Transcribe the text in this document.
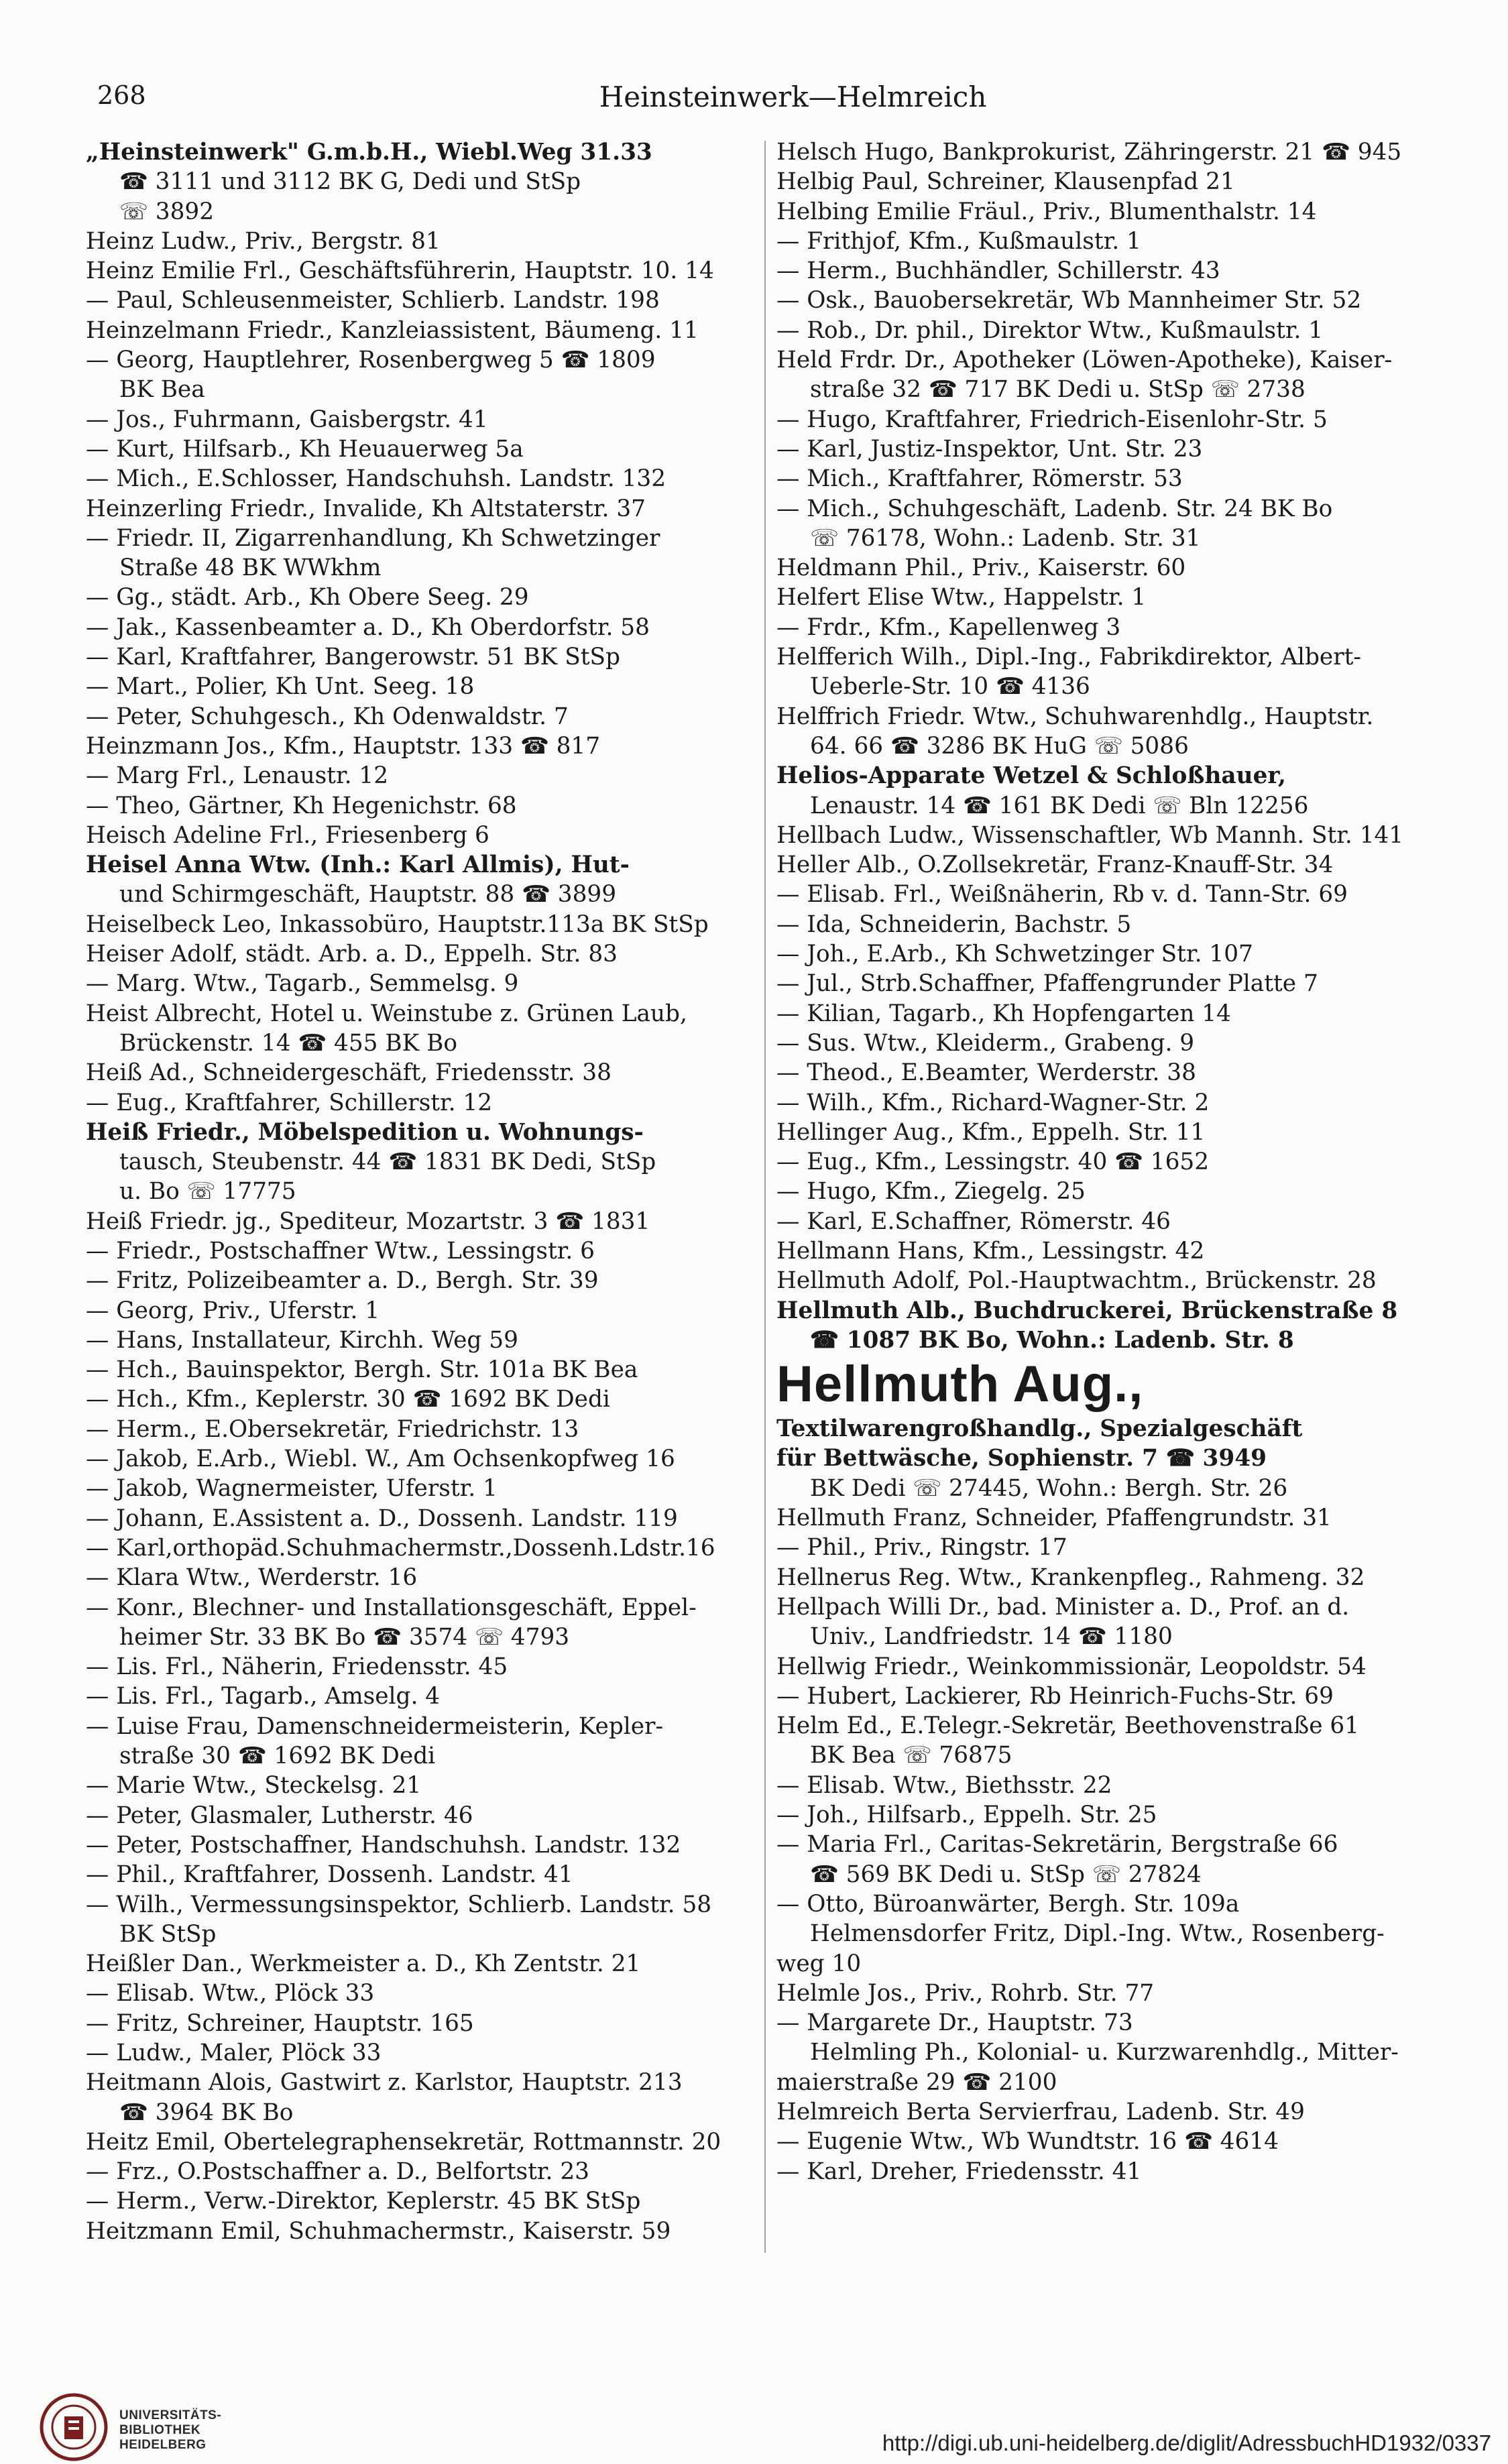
268	Heinsteinwerk—Helmreich
„Heinsteinwerk" G.m.b.H., Wiebl.Weg 31.33
☎ 3111 und 3112 BK G, Dedi und StSp
☏ 3892
Heinz Ludw., Priv., Bergstr. 81
Heinz Emilie Frl., Geschäftsführerin, Hauptstr. 10. 14
— Paul, Schleusenmeister, Schlierb. Landstr. 198
Heinzelmann Friedr., Kanzleiassistent, Bäumeng. 11
— Georg, Hauptlehrer, Rosenbergweg 5 ☎ 1809
BK Bea
— Jos., Fuhrmann, Gaisbergstr. 41
— Kurt, Hilfsarb., Kh Heuauerweg 5a
— Mich., E.Schlosser, Handschuhsh. Landstr. 132
Heinzerling Friedr., Invalide, Kh Altstaterstr. 37
— Friedr. II, Zigarrenhandlung, Kh Schwetzinger
Straße 48 BK WWkhm
— Gg., städt. Arb., Kh Obere Seeg. 29
— Jak., Kassenbeamter a. D., Kh Oberdorfstr. 58
— Karl, Kraftfahrer, Bangerowstr. 51 BK StSp
— Mart., Polier, Kh Unt. Seeg. 18
— Peter, Schuhgesch., Kh Odenwaldstr. 7
Heinzmann Jos., Kfm., Hauptstr. 133 ☎ 817
— Marg Frl., Lenaustr. 12
— Theo, Gärtner, Kh Hegenichstr. 68
Heisch Adeline Frl., Friesenberg 6
Heisel Anna Wtw. (Inh.: Karl Allmis), Hut-
und Schirmgeschäft, Hauptstr. 88 ☎ 3899
Heiselbeck Leo, Inkassobüro, Hauptstr.113a BK StSp
Heiser Adolf, städt. Arb. a. D., Eppelh. Str. 83
— Marg. Wtw., Tagarb., Semmelsg. 9
Heist Albrecht, Hotel u. Weinstube z. Grünen Laub,
Brückenstr. 14 ☎ 455 BK Bo
Heiß Ad., Schneidergeschäft, Friedensstr. 38
— Eug., Kraftfahrer, Schillerstr. 12
Heiß Friedr., Möbelspedition u. Wohnungs-
tausch, Steubenstr. 44 ☎ 1831 BK Dedi, StSp
u. Bo ☏ 17775
Heiß Friedr. jg., Spediteur, Mozartstr. 3 ☎ 1831
— Friedr., Postschaffner Wtw., Lessingstr. 6
— Fritz, Polizeibeamter a. D., Bergh. Str. 39
— Georg, Priv., Uferstr. 1
— Hans, Installateur, Kirchh. Weg 59
— Hch., Bauinspektor, Bergh. Str. 101a BK Bea
— Hch., Kfm., Keplerstr. 30 ☎ 1692 BK Dedi
— Herm., E.Obersekretär, Friedrichstr. 13
— Jakob, E.Arb., Wiebl. W., Am Ochsenkopfweg 16
— Jakob, Wagnermeister, Uferstr. 1
— Johann, E.Assistent a. D., Dossenh. Landstr. 119
— Karl,orthopäd.Schuhmachermstr.,Dossenh.Ldstr.16
— Klara Wtw., Werderstr. 16
— Konr., Blechner- und Installationsgeschäft, Eppel-
heimer Str. 33 BK Bo ☎ 3574 ☏ 4793
— Lis. Frl., Näherin, Friedensstr. 45
— Lis. Frl., Tagarb., Amselg. 4
— Luise Frau, Damenschneidermeisterin, Kepler-
straße 30 ☎ 1692 BK Dedi
— Marie Wtw., Steckelsg. 21
— Peter, Glasmaler, Lutherstr. 46
— Peter, Postschaffner, Handschuhsh. Landstr. 132
— Phil., Kraftfahrer, Dossenh. Landstr. 41
— Wilh., Vermessungsinspektor, Schlierb. Landstr. 58
BK StSp
Heißler Dan., Werkmeister a. D., Kh Zentstr. 21
— Elisab. Wtw., Plöck 33
— Fritz, Schreiner, Hauptstr. 165
— Ludw., Maler, Plöck 33
Heitmann Alois, Gastwirt z. Karlstor, Hauptstr. 213
☎ 3964 BK Bo
Heitz Emil, Obertelegraphensekretär, Rottmannstr. 20
— Frz., O.Postschaffner a. D., Belfortstr. 23
— Herm., Verw.-Direktor, Keplerstr. 45 BK StSp
Heitzmann Emil, Schuhmachermstr., Kaiserstr. 59
Helsch Hugo, Bankprokurist, Zähringerstr. 21 ☎ 945
Helbig Paul, Schreiner, Klausenpfad 21
Helbing Emilie Fräul., Priv., Blumenthalstr. 14
— Frithjof, Kfm., Kußmaulstr. 1
— Herm., Buchhändler, Schillerstr. 43
— Osk., Bauobersekretär, Wb Mannheimer Str. 52
— Rob., Dr. phil., Direktor Wtw., Kußmaulstr. 1
Held Frdr. Dr., Apotheker (Löwen-Apotheke), Kaiser-
straße 32 ☎ 717 BK Dedi u. StSp ☏ 2738
— Hugo, Kraftfahrer, Friedrich-Eisenlohr-Str. 5
— Karl, Justiz-Inspektor, Unt. Str. 23
— Mich., Kraftfahrer, Römerstr. 53
— Mich., Schuhgeschäft, Ladenb. Str. 24 BK Bo
☏ 76178, Wohn.: Ladenb. Str. 31
Heldmann Phil., Priv., Kaiserstr. 60
Helfert Elise Wtw., Happelstr. 1
— Frdr., Kfm., Kapellenweg 3
Helfferich Wilh., Dipl.-Ing., Fabrikdirektor, Albert-
Ueberle-Str. 10 ☎ 4136
Helffrich Friedr. Wtw., Schuhwarenhdlg., Hauptstr.
64. 66 ☎ 3286 BK HuG ☏ 5086
Helios-Apparate Wetzel & Schloßhauer,
Lenaustr. 14 ☎ 161 BK Dedi ☏ Bln 12256
Hellbach Ludw., Wissenschaftler, Wb Mannh. Str. 141
Heller Alb., O.Zollsekretär, Franz-Knauff-Str. 34
— Elisab. Frl., Weißnäherin, Rb v. d. Tann-Str. 69
— Ida, Schneiderin, Bachstr. 5
— Joh., E.Arb., Kh Schwetzinger Str. 107
— Jul., Strb.Schaffner, Pfaffengrunder Platte 7
— Kilian, Tagarb., Kh Hopfengarten 14
— Sus. Wtw., Kleiderm., Grabeng. 9
— Theod., E.Beamter, Werderstr. 38
— Wilh., Kfm., Richard-Wagner-Str. 2
Hellinger Aug., Kfm., Eppelh. Str. 11
— Eug., Kfm., Lessingstr. 40 ☎ 1652
— Hugo, Kfm., Ziegelg. 25
— Karl, E.Schaffner, Römerstr. 46
Hellmann Hans, Kfm., Lessingstr. 42
Hellmuth Adolf, Pol.-Hauptwachtm., Brückenstr. 28
Hellmuth Alb., Buchdruckerei, Brückenstraße 8
☎ 1087 BK Bo, Wohn.: Ladenb. Str. 8
Hellmuth Aug.,
Textilwarengroßhandlg., Spezialgeschäft
für Bettwäsche, Sophienstr. 7 ☎ 3949
BK Dedi ☏ 27445, Wohn.: Bergh. Str. 26
Hellmuth Franz, Schneider, Pfaffengrundstr. 31
— Phil., Priv., Ringstr. 17
Hellnerus Reg. Wtw., Krankenpfleg., Rahmeng. 32
Hellpach Willi Dr., bad. Minister a. D., Prof. an d.
Univ., Landfriedstr. 14 ☎ 1180
Hellwig Friedr., Weinkommissionär, Leopoldstr. 54
— Hubert, Lackierer, Rb Heinrich-Fuchs-Str. 69
Helm Ed., E.Telegr.-Sekretär, Beethovenstraße 61
BK Bea ☏ 76875
— Elisab. Wtw., Biethsstr. 22
— Joh., Hilfsarb., Eppelh. Str. 25
— Maria Frl., Caritas-Sekretärin, Bergstraße 66
☎ 569 BK Dedi u. StSp ☏ 27824
— Otto, Büroanwärter, Bergh. Str. 109a
Helmensdorfer Fritz, Dipl.-Ing. Wtw., Rosenberg-
weg 10
Helmle Jos., Priv., Rohrb. Str. 77
— Margarete Dr., Hauptstr. 73
Helmling Ph., Kolonial- u. Kurzwarenhdlg., Mitter-
maierstraße 29 ☎ 2100
Helmreich Berta Servierfrau, Ladenb. Str. 49
— Eugenie Wtw., Wb Wundtstr. 16 ☎ 4614
— Karl, Dreher, Friedensstr. 41
UNIVERSITÄTS-
BIBLIOTHEK
HEIDELBERG	http://digi.ub.uni-heidelberg.de/diglit/AdressbuchHD1932/0337
